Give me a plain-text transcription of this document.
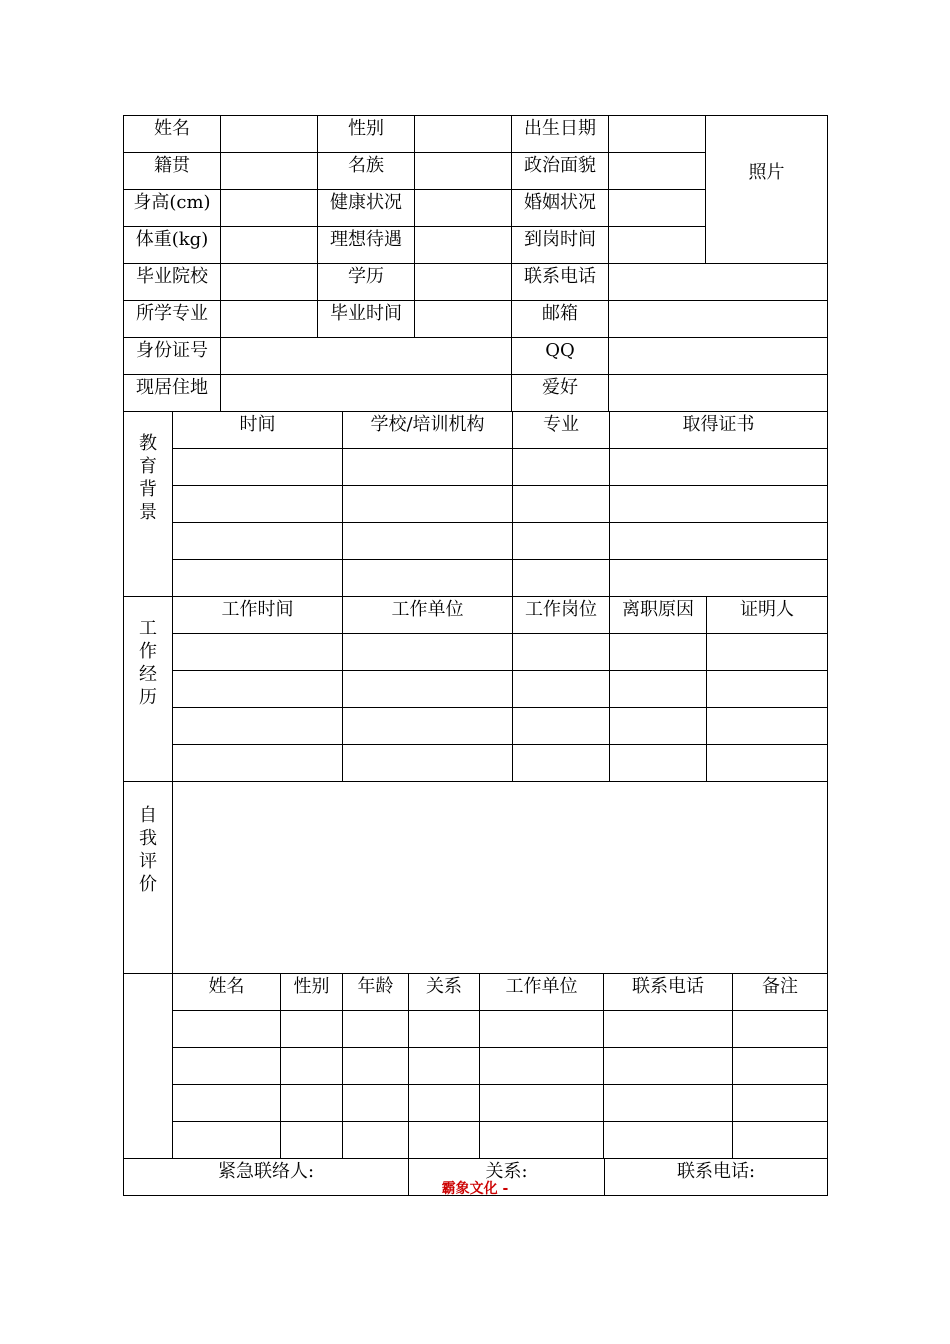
姓名		性别		出生日期		照片
籍贯		名族		政治面貌		
身高(cm)		健康状况		婚姻状况		
体重(kg)		理想待遇		到岗时间		
毕业院校		学历		联系电话		
所学专业		毕业时间		邮箱		
身份证号				QQ		
现居住地				爱好		
教育背景	时间	学校/培训机构	专业	取得证书

工作经历	工作时间	工作单位	工作岗位	离职原因	证明人

自我评价	
	姓名	性别	年龄	关系	工作单位	联系电话	备注

紧急联络人:	关系:	联系电话:
霸象文化 -
